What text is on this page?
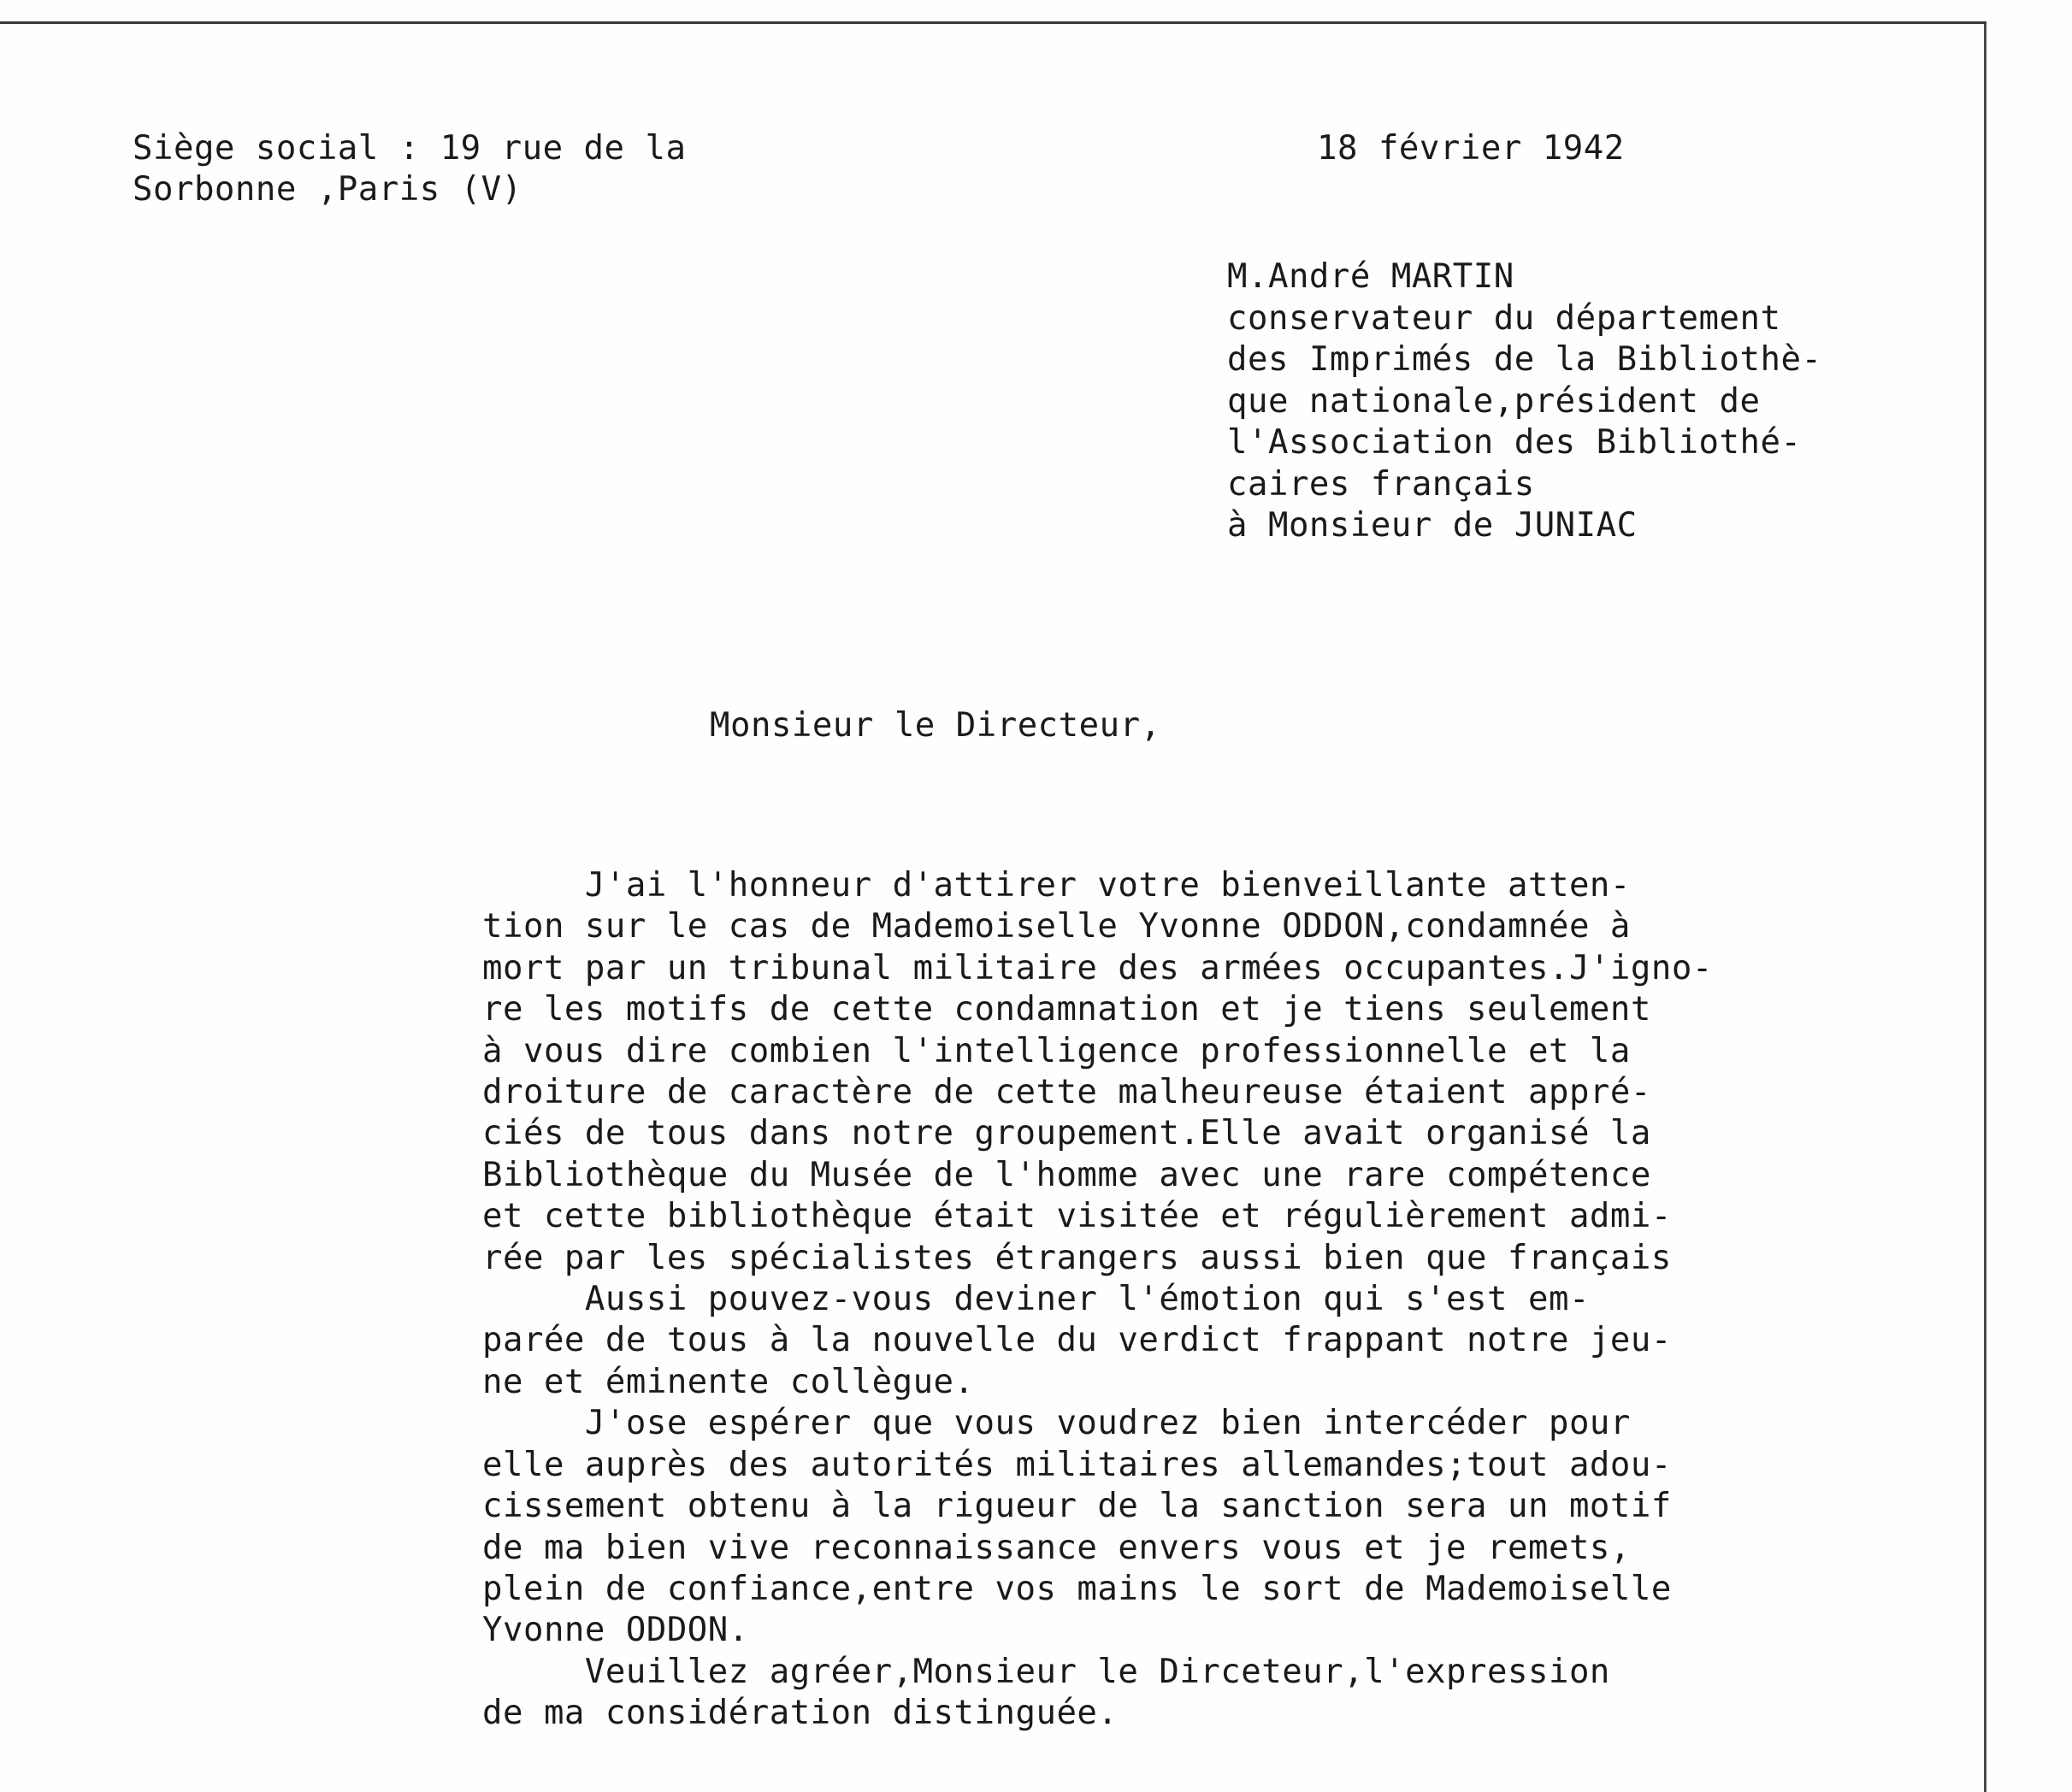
Siège social : 19 rue de la
Sorbonne ,Paris (V)
18 février 1942
M.André MARTIN
conservateur du département
des Imprimés de la Bibliothè-
que nationale,président de
l'Association des Bibliothé-
caires français
à Monsieur de JUNIAC
Monsieur le Directeur,
J'ai l'honneur d'attirer votre bienveillante atten-
tion sur le cas de Mademoiselle Yvonne ODDON,condamnée à
mort par un tribunal militaire des armées occupantes.J'igno-
re les motifs de cette condamnation et je tiens seulement
à vous dire combien l'intelligence professionnelle et la
droiture de caractère de cette malheureuse étaient appré-
ciés de tous dans notre groupement.Elle avait organisé la
Bibliothèque du Musée de l'homme avec une rare compétence
et cette bibliothèque était visitée et régulièrement admi-
rée par les spécialistes étrangers aussi bien que français
Aussi pouvez-vous deviner l'émotion qui s'est em-
parée de tous à la nouvelle du verdict frappant notre jeu-
ne et éminente collègue.
J'ose espérer que vous voudrez bien intercéder pour
elle auprès des autorités militaires allemandes;tout adou-
cissement obtenu à la rigueur de la sanction sera un motif
de ma bien vive reconnaissance envers vous et je remets,
plein de confiance,entre vos mains le sort de Mademoiselle
Yvonne ODDON.
Veuillez agréer,Monsieur le Dirceteur,l'expression
de ma considération distinguée.
